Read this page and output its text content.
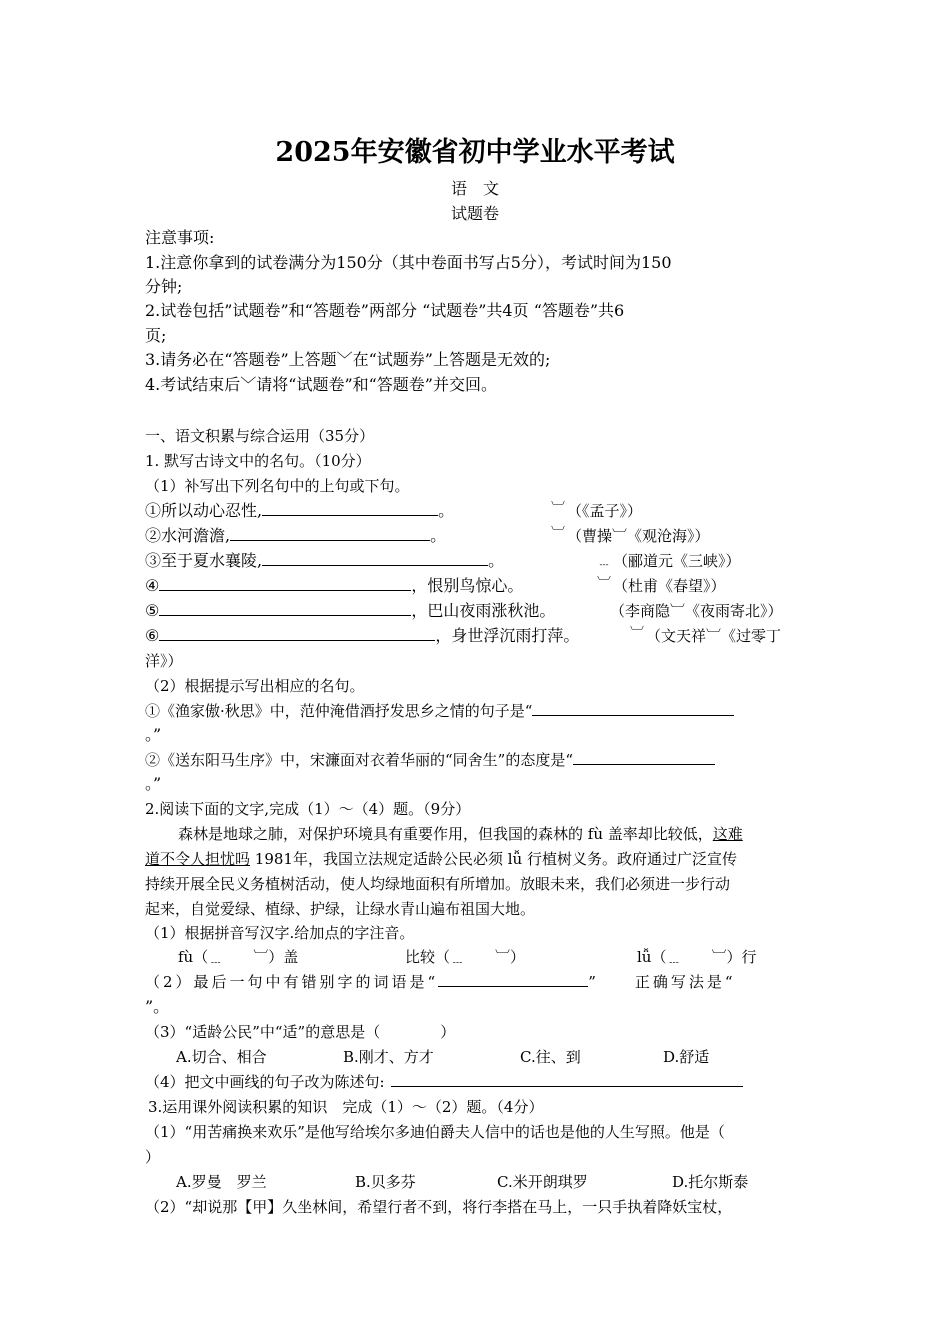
2025年安徽省初中学业水平考试
语　文
试题卷
注意事项:
1.注意你拿到的试卷满分为150分（其中卷面书写占5分），考试时间为150
分钟;
2.试卷包括”试题卷”和“答题卷”两部分 “试题卷”共4页 “答题卷”共6
页;
3.请务必在“答题卷”上答题﹀在“试题券”上答题是无效的;
4.考试结束后﹀请将“试题卷”和“答题卷”并交回。
一、语文积累与综合运用（35分）
1. 默写古诗文中的名句。（10分）
（1）补写出下列名句中的上句或下句。
①所以动心忍性,	。	︺ （《孟子》）
②水河澹澹,	。	︺ （曹操︺《观沧海》）
③至于夏水襄陵,	。	﹍ （郦道元《三峡》）
④	，恨别鸟惊心。	︺ （杜甫《春望》）
⑤	，巴山夜雨涨秋池。	（李商隐︺《夜雨寄北》）
⑥	，身世浮沉雨打萍。	︺ （文天祥︺《过零丁
洋》）
（2）根据提示写出相应的名句。
①《渔家傲·秋思》中，范仲淹借酒抒发思乡之情的句子是“
。”
②《送东阳马生序》中，宋濂面对衣着华丽的“同舍生”的态度是“
。”
2.阅读下面的文字,完成（1）～（4）题。（9分）
森林是地球之肺，对保护环境具有重要作用，但我国的森林的 fù 盖率却比较低，这难
道不令人担忧吗 1981年，我国立法规定适龄公民必须 lǚ 行植树义务。政府通过广泛宣传
持续开展全民义务植树活动，使人均绿地面积有所增加。放眼未来，我们必须进一步行动
起来，自觉爱绿、植绿、护绿，让绿水青山遍布祖国大地。
（1）根据拼音写汉字.给加点的字注音。
fù（﹍　　︺）盖	比较（﹍　　︺）	lǚ（﹍　　︺）行
（2）最后一句中有错别字的词语是“	”　　正确写法是“
”。
（3）“适龄公民”中“适”的意思是（　　　　）
A.切合、相合	B.刚才、方才	C.往、到	D.舒适
（4）把文中画线的句子改为陈述句:
3.运用课外阅读积累的知识　完成（1）～（2）题。（4分）
（1）“用苦痛换来欢乐”是他写给埃尔多迪伯爵夫人信中的话也是他的人生写照。他是（
）
A.罗曼　罗兰	B.贝多芬	C.米开朗琪罗	D.托尔斯泰
（2）“却说那【甲】久坐林间，希望行者不到，将行李搭在马上，一只手执着降妖宝杖，
